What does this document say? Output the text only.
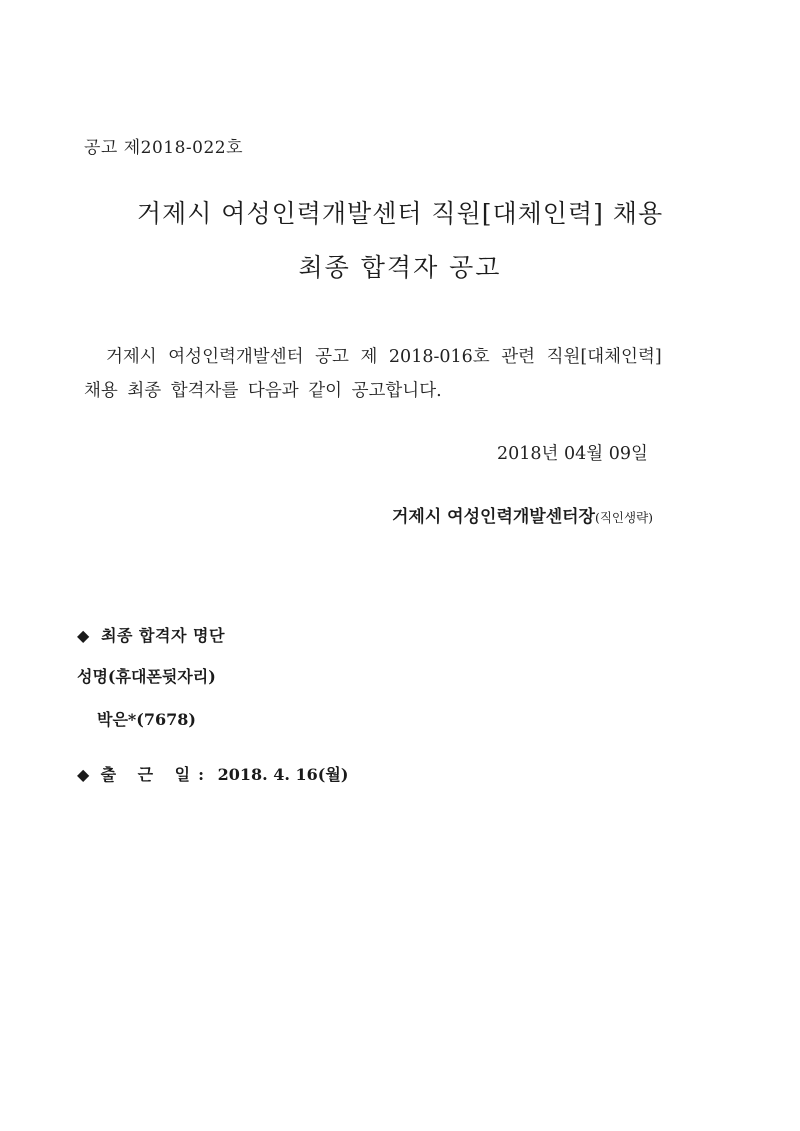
공고 제2018-022호
거제시 여성인력개발센터 직원[대체인력] 채용
최종 합격자 공고
거제시 여성인력개발센터 공고 제 2018-016호 관련 직원[대체인력]
채용 최종 합격자를 다음과 같이 공고합니다.
2018년 04월 09일
거제시 여성인력개발센터장(직인생략)
◆ 최종 합격자 명단
성명(휴대폰뒷자리)
박은*(7678)
◆ 출 근 일: 2018. 4. 16(월)
